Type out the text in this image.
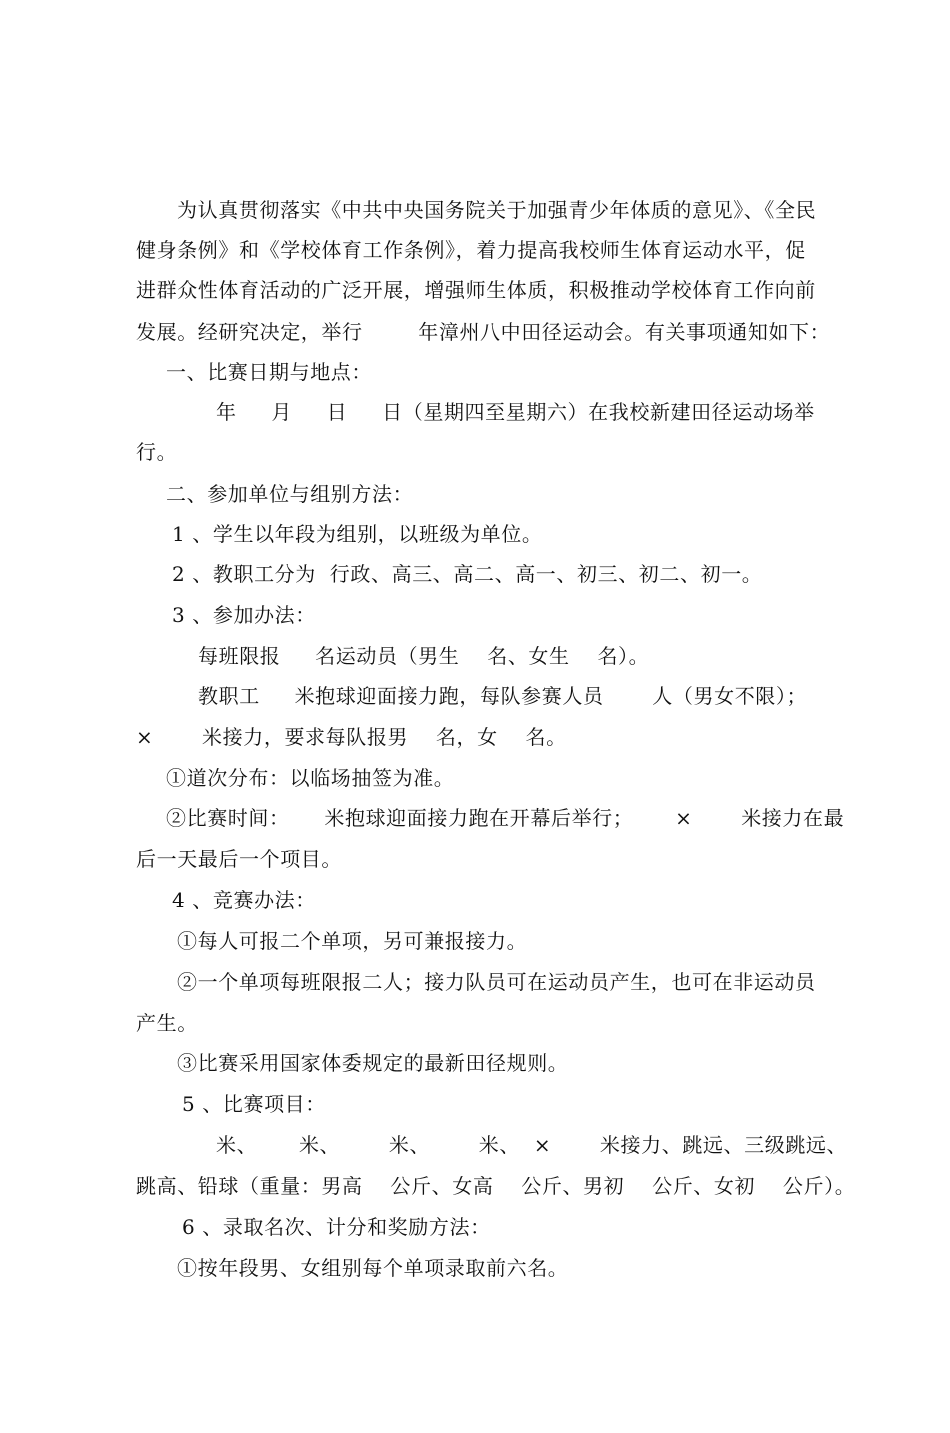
为认真贯彻落实《中共中央国务院关于加强青少年体质的意见》、《全民
健身条例》和《学校体育工作条例》，着力提高我校师生体育运动水平，促
进群众性体育活动的广泛开展，增强师生体质，积极推动学校体育工作向前
发展。经研究决定，举行        年漳州八中田径运动会。有关事项通知如下：
一、比赛日期与地点：
年     月     日     日（星期四至星期六）在我校新建田径运动场举
行。
二、参加单位与组别方法：
1 、学生以年段为组别，以班级为单位。
2 、教职工分为  行政、高三、高二、高一、初三、初二、初一。
3 、参加办法：
每班限报     名运动员（男生    名、女生    名）。
教职工     米抱球迎面接力跑，每队参赛人员       人（男女不限）；
×       米接力，要求每队报男    名，女    名。
①道次分布：以临场抽签为准。
②比赛时间：     米抱球迎面接力跑在开幕后举行；      ×       米接力在最
后一天最后一个项目。
4 、竞赛办法：
①每人可报二个单项，另可兼报接力。
②一个单项每班限报二人；接力队员可在运动员产生，也可在非运动员
产生。
③比赛采用国家体委规定的最新田径规则。
5 、比赛项目：
米、      米、       米、       米、  ×       米接力、跳远、三级跳远、
跳高、铅球（重量：男高    公斤、女高    公斤、男初    公斤、女初    公斤）。
6 、录取名次、计分和奖励方法：
①按年段男、女组别每个单项录取前六名。
